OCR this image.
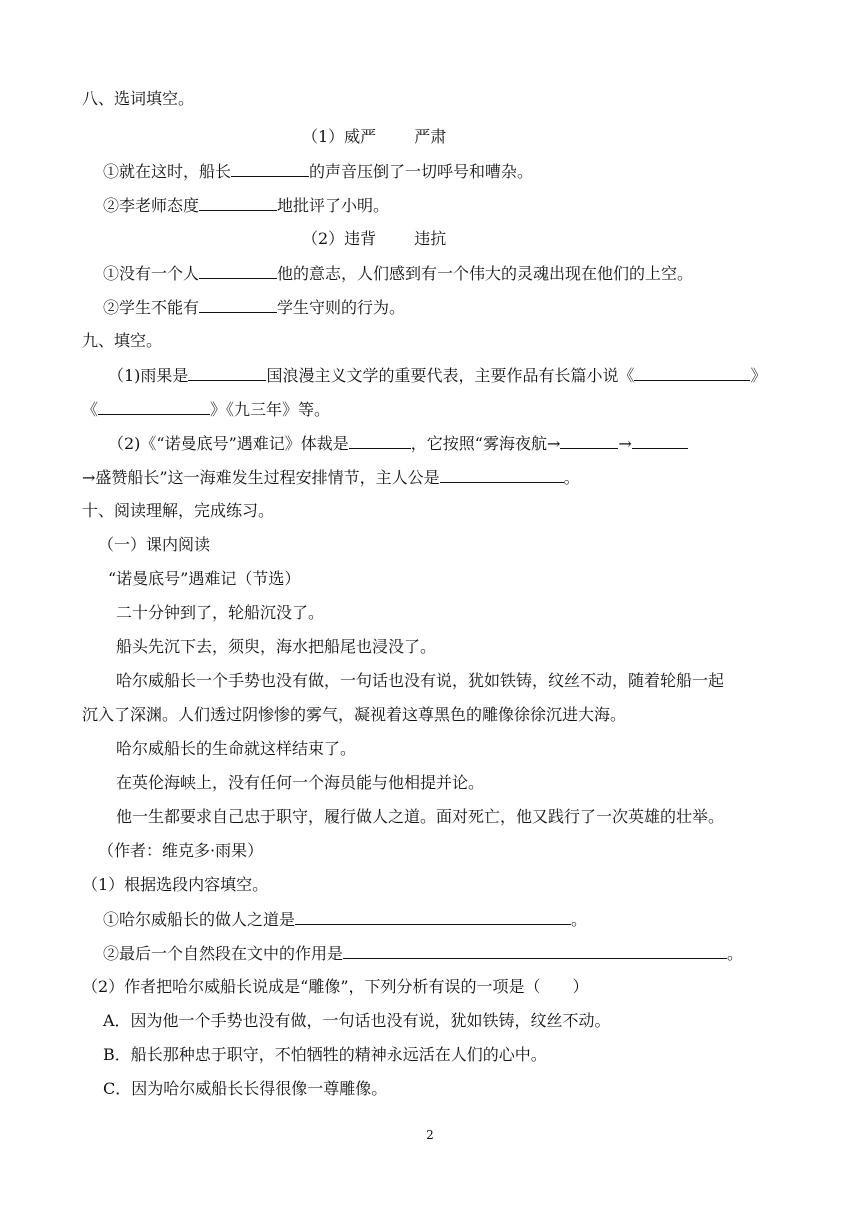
八、选词填空。
（1）威严 严肃
①就在这时，船长	的声音压倒了一切呼号和嘈杂。
②李老师态度	地批评了小明。
（2）违背 违抗
①没有一个人	他的意志，人们感到有一个伟大的灵魂出现在他们的上空。
②学生不能有	学生守则的行为。
九、填空。
（1)雨果是	国浪漫主义文学的重要代表，主要作品有长篇小说《	》
《	》《九三年》等。
（2)《“诺曼底号”遇难记》体裁是	，它按照“雾海夜航→	→
→盛赞船长”这一海难发生过程安排情节，主人公是	。
十、阅读理解，完成练习。
（一）课内阅读
“诺曼底号”遇难记（节选）
二十分钟到了，轮船沉没了。
船头先沉下去，须臾，海水把船尾也浸没了。
哈尔威船长一个手势也没有做，一句话也没有说，犹如铁铸，纹丝不动，随着轮船一起
沉入了深渊。人们透过阴惨惨的雾气，凝视着这尊黑色的雕像徐徐沉进大海。
哈尔威船长的生命就这样结束了。
在英伦海峡上，没有任何一个海员能与他相提并论。
他一生都要求自己忠于职守，履行做人之道。面对死亡，他又践行了一次英雄的壮举。
（作者：维克多·雨果）
（1）根据选段内容填空。
①哈尔威船长的做人之道是	。
②最后一个自然段在文中的作用是	。
（2）作者把哈尔威船长说成是“雕像”，下列分析有误的一项是（　　）
A．因为他一个手势也没有做，一句话也没有说，犹如铁铸，纹丝不动。
B．船长那种忠于职守，不怕牺牲的精神永远活在人们的心中。
C．因为哈尔威船长长得很像一尊雕像。
2
